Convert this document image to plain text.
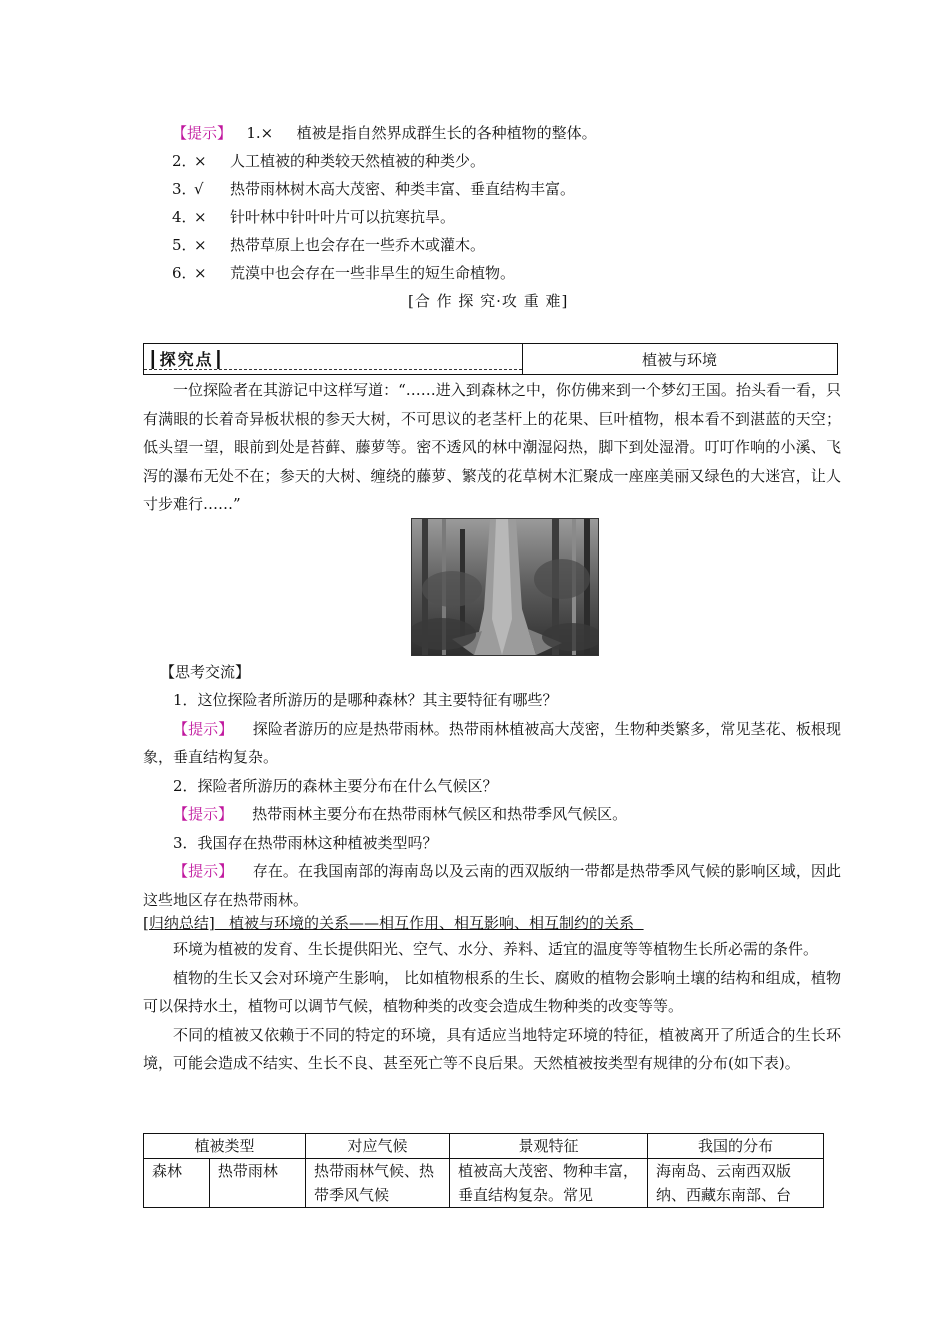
【提示】 1.× 植被是指自然界成群生长的各种植物的整体。
2．× 人工植被的种类较天然植被的种类少。
3．√ 热带雨林树木高大茂密、种类丰富、垂直结构丰富。
4．× 针叶林中针叶叶片可以抗寒抗旱。
5．× 热带草原上也会存在一些乔木或灌木。
6．× 荒漠中也会存在一些非旱生的短生命植物。
[合 作 探 究·攻 重 难]
┃探究点┃	植被与环境

一位探险者在其游记中这样写道：“……进入到森林之中，你仿佛来到一个梦幻王国。抬头看一看，只有满眼的长着奇异板状根的参天大树，不可思议的老茎杆上的花果、巨叶植物，根本看不到湛蓝的天空；低头望一望，眼前到处是苔藓、藤萝等。密不透风的林中潮湿闷热，脚下到处湿滑。叮叮作响的小溪、飞泻的瀑布无处不在；参天的大树、缠绕的藤萝、繁茂的花草树木汇聚成一座座美丽又绿色的大迷宫，让人寸步难行……”

【思考交流】

1．这位探险者所游历的是哪种森林？其主要特征有哪些？

【提示】 探险者游历的应是热带雨林。热带雨林植被高大茂密，生物种类繁多，常见茎花、板根现象，垂直结构复杂。

2．探险者所游历的森林主要分布在什么气候区？

【提示】 热带雨林主要分布在热带雨林气候区和热带季风气候区。

3．我国存在热带雨林这种植被类型吗？

【提示】 存在。在我国南部的海南岛以及云南的西双版纳一带都是热带季风气候的影响区域，因此这些地区存在热带雨林。

[归纳总结] 植被与环境的关系——相互作用、相互影响、相互制约的关系

环境为植被的发育、生长提供阳光、空气、水分、养料、适宜的温度等等植物生长所必需的条件。

植物的生长又会对环境产生影响， 比如植物根系的生长、腐败的植物会影响土壤的结构和组成，植物可以保持水土，植物可以调节气候，植物种类的改变会造成生物种类的改变等等。

不同的植被又依赖于不同的特定的环境，具有适应当地特定环境的特征，植被离开了所适合的生长环境，可能会造成不结实、生长不良、甚至死亡等不良后果。天然植被按类型有规律的分布(如下表)。

植被类型		对应气候	景观特征	我国的分布
森林	热带雨林	热带雨林气候、热带季风气候	植被高大茂密、物种丰富，垂直结构复杂。常见	海南岛、云南西双版纳、西藏东南部、台
